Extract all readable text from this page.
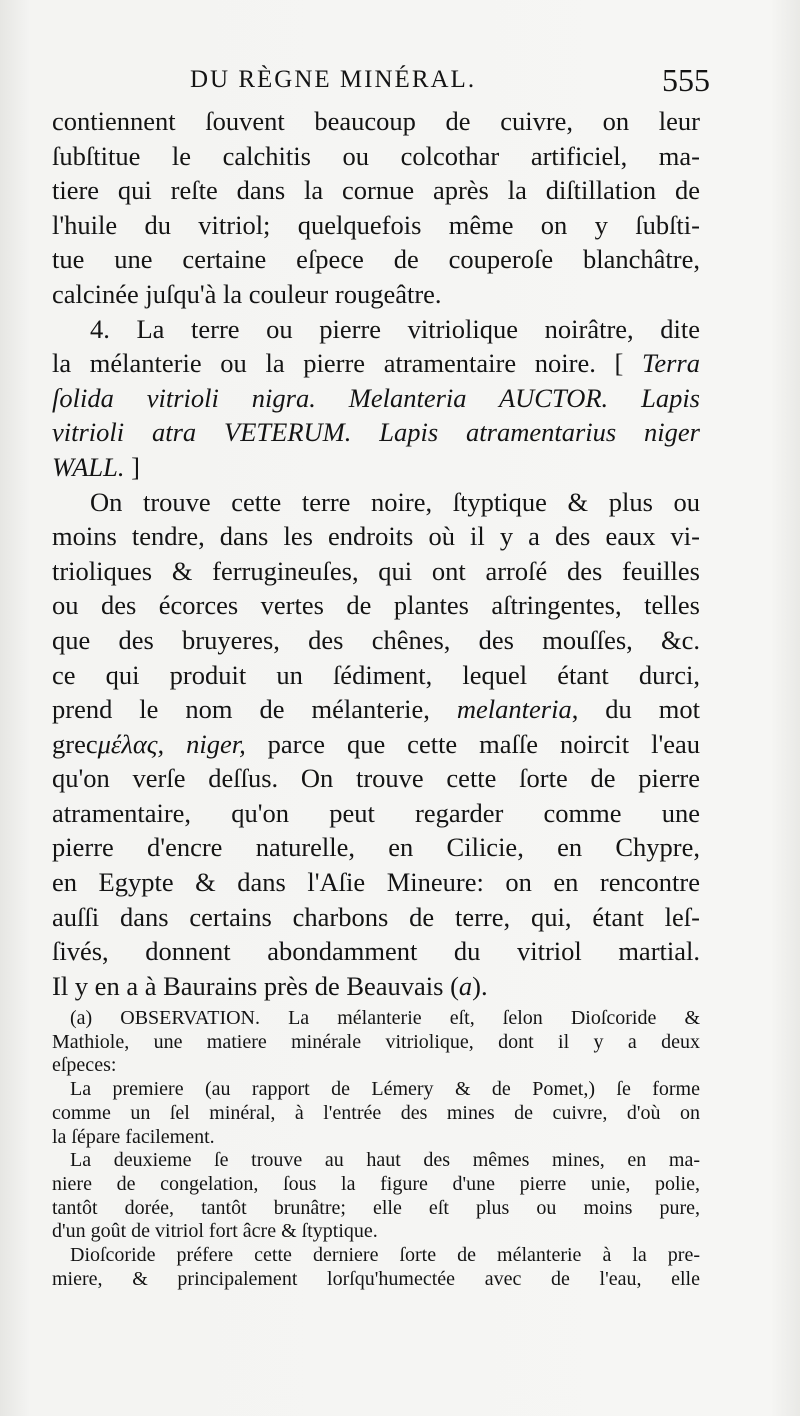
DU RÈGNE MINÉRAL.	555
contiennent ſouvent beaucoup de cuivre, on leur
ſubſtitue le calchitis ou colcothar artificiel, ma-
tiere qui reſte dans la cornue après la diſtillation de
l'huile du vitriol; quelquefois même on y ſubſti-
tue une certaine eſpece de couperoſe blanchâtre,
calcinée juſqu'à la couleur rougeâtre.
4. La terre ou pierre vitriolique noirâtre, dite
la mélanterie ou la pierre atramentaire noire. [ Terra
ſolida vitrioli nigra. Melanteria AUCTOR. Lapis
vitrioli atra VETERUM. Lapis atramentarius niger
WALL. ]
On trouve cette terre noire, ſtyptique & plus ou
moins tendre, dans les endroits où il y a des eaux vi-
trioliques & ferrugineuſes, qui ont arroſé des feuilles
ou des écorces vertes de plantes aſtringentes, telles
que des bruyeres, des chênes, des mouſſes, &c.
ce qui produit un ſédiment, lequel étant durci,
prend le nom de mélanterie, melanteria, du mot
grecμέλας, niger, parce que cette maſſe noircit l'eau
qu'on verſe deſſus. On trouve cette ſorte de pierre
atramentaire, qu'on peut regarder comme une
pierre d'encre naturelle, en Cilicie, en Chypre,
en Egypte & dans l'Aſie Mineure: on en rencontre
auſſi dans certains charbons de terre, qui, étant leſ-
ſivés, donnent abondamment du vitriol martial.
Il y en a à Baurains près de Beauvais (a).
(a) OBSERVATION. La mélanterie eſt, ſelon Dioſcoride &
Mathiole, une matiere minérale vitriolique, dont il y a deux
eſpeces:
La premiere (au rapport de Lémery & de Pomet,) ſe forme
comme un ſel minéral, à l'entrée des mines de cuivre, d'où on
la ſépare facilement.
La deuxieme ſe trouve au haut des mêmes mines, en ma-
niere de congelation, ſous la figure d'une pierre unie, polie,
tantôt dorée, tantôt brunâtre; elle eſt plus ou moins pure,
d'un goût de vitriol fort âcre & ſtyptique.
Dioſcoride préfere cette derniere ſorte de mélanterie à la pre-
miere, & principalement lorſqu'humectée avec de l'eau, elle
